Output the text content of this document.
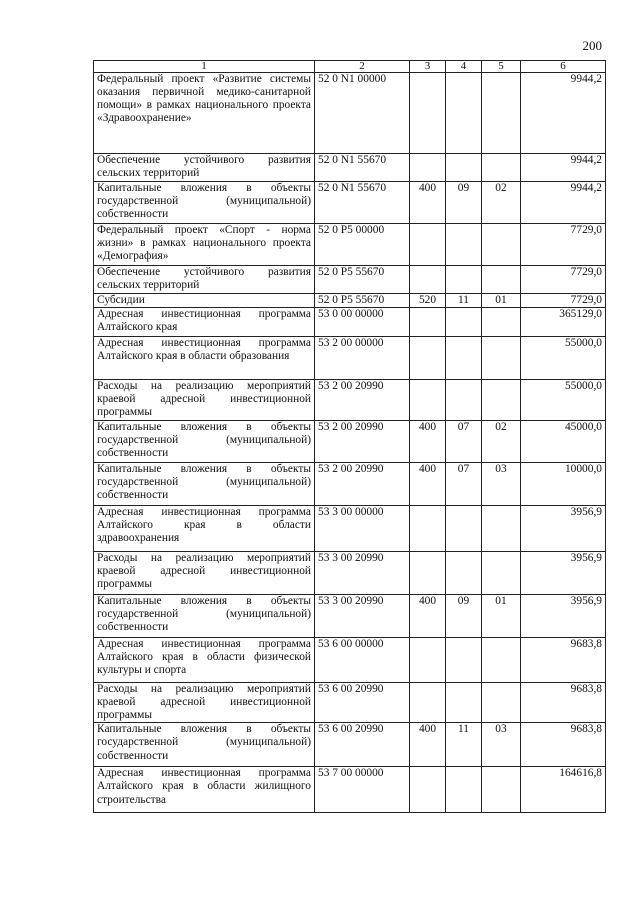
200
1	2	3	4	5	6
Федеральный проект «Развитие системы оказания первичной медико-санитарной помощи» в рамках национального проекта «Здравоохранение»	52 0 N1 00000				9944,2
Обеспечение устойчивого развития сельских территорий	52 0 N1 55670				9944,2
Капитальные вложения в объекты государственной (муниципальной) собственности	52 0 N1 55670	400	09	02	9944,2
Федеральный проект «Спорт - норма жизни» в рамках национального проекта «Демография»	52 0 P5 00000				7729,0
Обеспечение устойчивого развития сельских территорий	52 0 P5 55670				7729,0
Субсидии	52 0 P5 55670	520	11	01	7729,0
Адресная инвестиционная программа Алтайского края	53 0 00 00000				365129,0
Адресная инвестиционная программа Алтайского края в области образования	53 2 00 00000				55000,0
Расходы на реализацию мероприятий краевой адресной инвестиционной программы	53 2 00 20990				55000,0
Капитальные вложения в объекты государственной (муниципальной) собственности	53 2 00 20990	400	07	02	45000,0
Капитальные вложения в объекты государственной (муниципальной) собственности	53 2 00 20990	400	07	03	10000,0
Адресная инвестиционная программа Алтайского края в области здравоохранения	53 3 00 00000				3956,9
Расходы на реализацию мероприятий краевой адресной инвестиционной программы	53 3 00 20990				3956,9
Капитальные вложения в объекты государственной (муниципальной) собственности	53 3 00 20990	400	09	01	3956,9
Адресная инвестиционная программа Алтайского края в области физической культуры и спорта	53 6 00 00000				9683,8
Расходы на реализацию мероприятий краевой адресной инвестиционной программы	53 6 00 20990				9683,8
Капитальные вложения в объекты государственной (муниципальной) собственности	53 6 00 20990	400	11	03	9683,8
Адресная инвестиционная программа Алтайского края в области жилищного строительства	53 7 00 00000				164616,8
